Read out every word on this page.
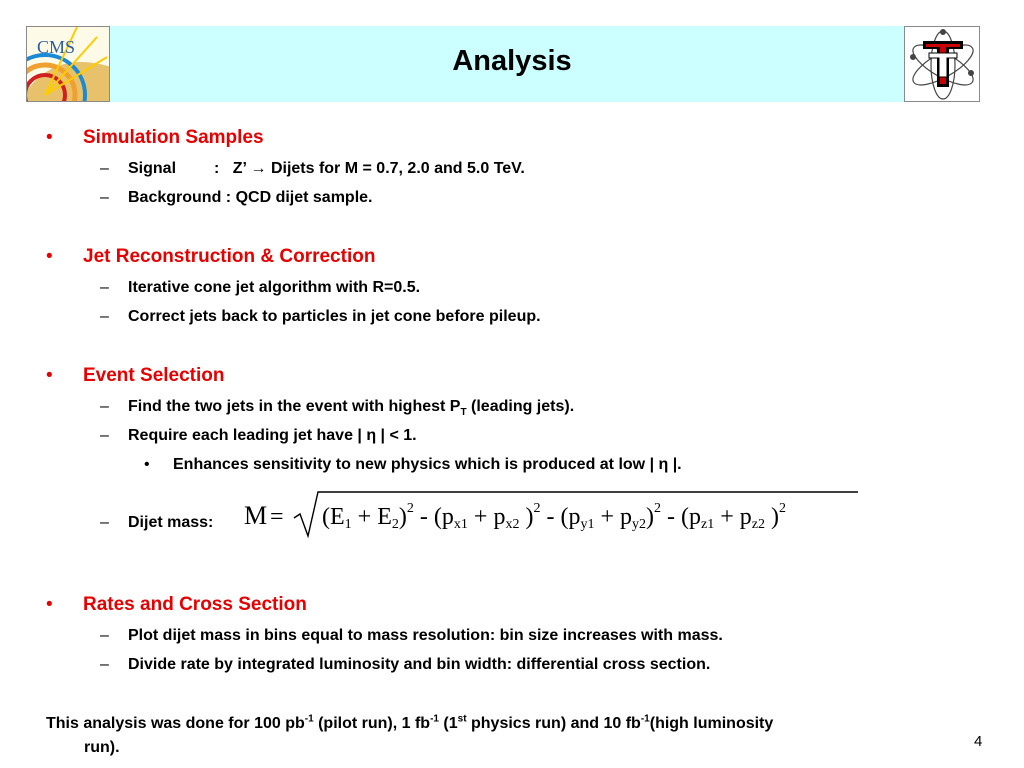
Analysis
CMS
• Simulation Samples
– Signal : Z’ → Dijets for M = 0.7, 2.0 and 5.0 TeV.
– Background : QCD dijet sample.
• Jet Reconstruction & Correction
– Iterative cone jet algorithm with R=0.5.
– Correct jets back to particles in jet cone before pileup.
• Event Selection
– Find the two jets in the event with highest $P_T$ (leading jets).
– Require each leading jet have | η | < 1.
• Enhances sensitivity to new physics which is produced at low | η |.
– Dijet mass: $M = (E1 + E2)^2 - (px1 + px2$ )$^2 - (py1 + py2)^2 - (pz1 + pz2$ )$^2$
• Rates and Cross Section
– Plot dijet mass in bins equal to mass resolution: bin size increases with mass.
– Divide rate by integrated luminosity and bin width: differential cross section.
This analysis was done for 100 $pb^{-1}$ (pilot run), 1 $fb^{-1}$ (1st physics run) and 10 $fb^{-1}(high$ luminosity
run).	4
